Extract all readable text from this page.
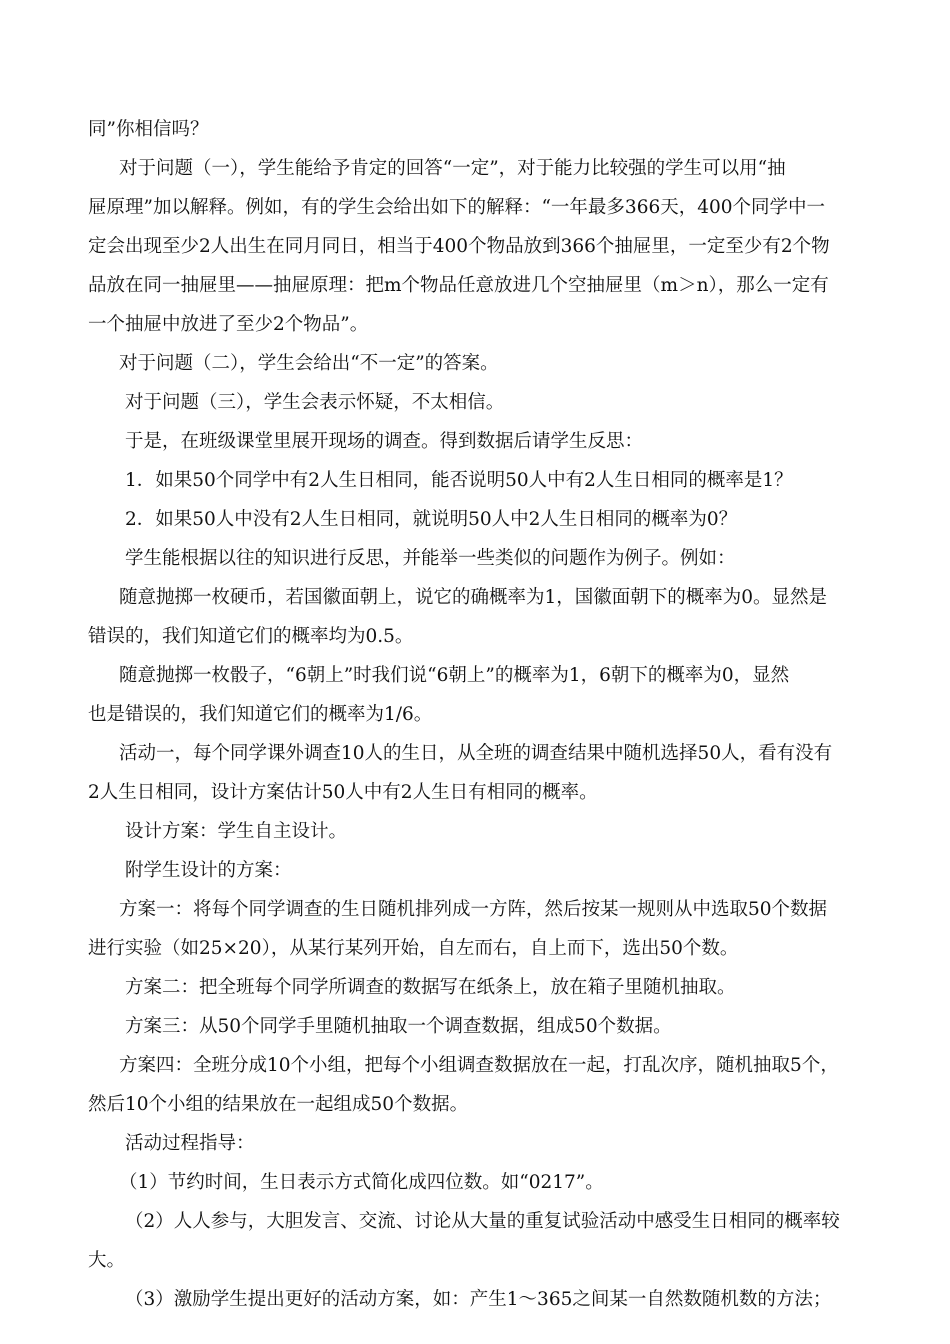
同”你相信吗？
对于问题（一），学生能给予肯定的回答“一定”，对于能力比较强的学生可以用“抽
屉原理”加以解释。例如，有的学生会给出如下的解释：“一年最多366天，400个同学中一
定会出现至少2人出生在同月同日，相当于400个物品放到366个抽屉里，一定至少有2个物
品放在同一抽屉里——抽屉原理：把m个物品任意放进几个空抽屉里（m＞n），那么一定有
一个抽屉中放进了至少2个物品”。
对于问题（二），学生会给出“不一定”的答案。
对于问题（三），学生会表示怀疑，不太相信。
于是，在班级课堂里展开现场的调查。得到数据后请学生反思：
1．如果50个同学中有2人生日相同，能否说明50人中有2人生日相同的概率是1？
2．如果50人中没有2人生日相同，就说明50人中2人生日相同的概率为0？
学生能根据以往的知识进行反思，并能举一些类似的问题作为例子。例如：
随意抛掷一枚硬币，若国徽面朝上，说它的确概率为1，国徽面朝下的概率为0。显然是
错误的，我们知道它们的概率均为0.5。
随意抛掷一枚骰子，“6朝上”时我们说“6朝上”的概率为1，6朝下的概率为0，显然
也是错误的，我们知道它们的概率为1/6。
活动一，每个同学课外调查10人的生日，从全班的调查结果中随机选择50人，看有没有
2人生日相同，设计方案估计50人中有2人生日有相同的概率。
设计方案：学生自主设计。
附学生设计的方案：
方案一：将每个同学调查的生日随机排列成一方阵，然后按某一规则从中选取50个数据
进行实验（如25×20），从某行某列开始，自左而右，自上而下，选出50个数。
方案二：把全班每个同学所调查的数据写在纸条上，放在箱子里随机抽取。
方案三：从50个同学手里随机抽取一个调查数据，组成50个数据。
方案四：全班分成10个小组，把每个小组调查数据放在一起，打乱次序，随机抽取5个，
然后10个小组的结果放在一起组成50个数据。
活动过程指导：
（1）节约时间，生日表示方式简化成四位数。如“0217”。
（2）人人参与，大胆发言、交流、讨论从大量的重复试验活动中感受生日相同的概率较
大。
（3）激励学生提出更好的活动方案，如：产生1～365之间某一自然数随机数的方法；
